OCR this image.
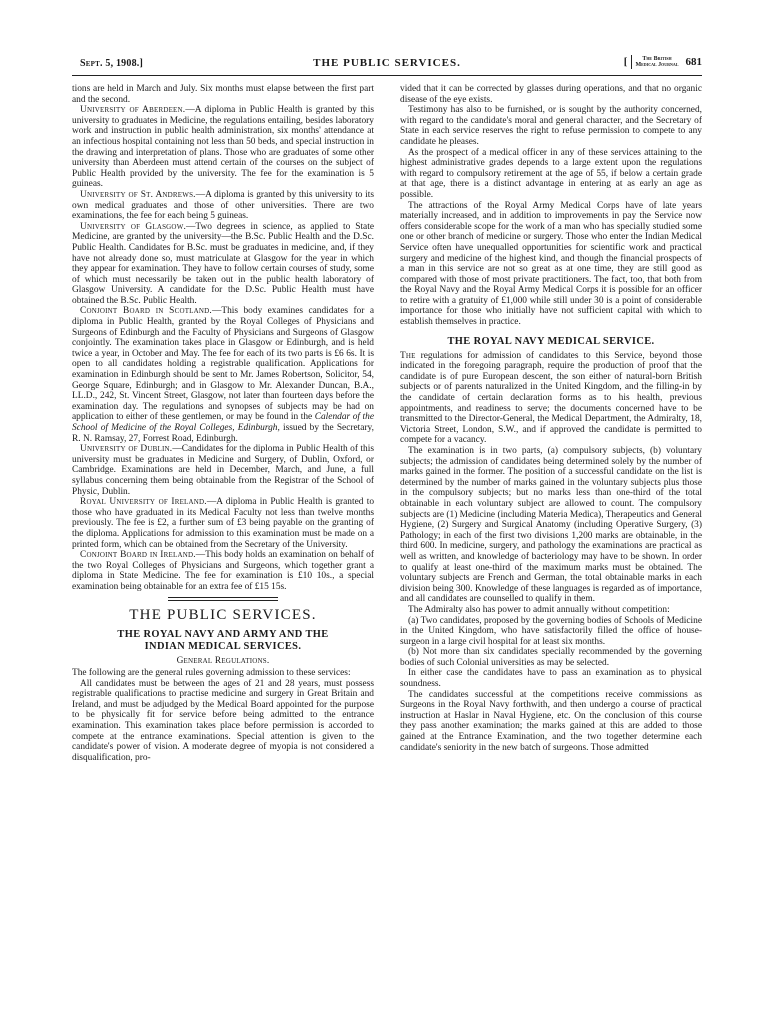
Sept. 5, 1908.]	THE PUBLIC SERVICES.	[	The British
Medical Journal 681

tions are held in March and July. Six months must elapse between the first part and the second.

University of Aberdeen.—A diploma in Public Health is granted by this university to graduates in Medicine, the regulations entailing, besides laboratory work and instruction in public health administration, six months' attendance at an infectious hospital containing not less than 50 beds, and special instruction in the drawing and interpretation of plans. Those who are graduates of some other university than Aberdeen must attend certain of the courses on the subject of Public Health provided by the university. The fee for the examination is 5 guineas.

University of St. Andrews.—A diploma is granted by this university to its own medical graduates and those of other universities. There are two examinations, the fee for each being 5 guineas.

University of Glasgow.—Two degrees in science, as applied to State Medicine, are granted by the university—the B.Sc. Public Health and the D.Sc. Public Health. Candidates for B.Sc. must be graduates in medicine, and, if they have not already done so, must matriculate at Glasgow for the year in which they appear for examination. They have to follow certain courses of study, some of which must necessarily be taken out in the public health laboratory of Glasgow University. A candidate for the D.Sc. Public Health must have obtained the B.Sc. Public Health.

Conjoint Board in Scotland.—This body examines candidates for a diploma in Public Health, granted by the Royal Colleges of Physicians and Surgeons of Edinburgh and the Faculty of Physicians and Surgeons of Glasgow conjointly. The examination takes place in Glasgow or Edinburgh, and is held twice a year, in October and May. The fee for each of its two parts is £6 6s. It is open to all candidates holding a registrable qualification. Applications for examination in Edinburgh should be sent to Mr. James Robertson, Solicitor, 54, George Square, Edinburgh; and in Glasgow to Mr. Alexander Duncan, B.A., LL.D., 242, St. Vincent Street, Glasgow, not later than fourteen days before the examination day. The regulations and synopses of subjects may be had on application to either of these gentlemen, or may be found in the Calendar of the School of Medicine of the Royal Colleges, Edinburgh, issued by the Secretary, R. N. Ramsay, 27, Forrest Road, Edinburgh.

University of Dublin.—Candidates for the diploma in Public Health of this university must be graduates in Medicine and Surgery, of Dublin, Oxford, or Cambridge. Examinations are held in December, March, and June, a full syllabus concerning them being obtainable from the Registrar of the School of Physic, Dublin.

Royal University of Ireland.—A diploma in Public Health is granted to those who have graduated in its Medical Faculty not less than twelve months previously. The fee is £2, a further sum of £3 being payable on the granting of the diploma. Applications for admission to this examination must be made on a printed form, which can be obtained from the Secretary of the University.

Conjoint Board in Ireland.—This body holds an examination on behalf of the two Royal Colleges of Physicians and Surgeons, which together grant a diploma in State Medicine. The fee for examination is £10 10s., a special examination being obtainable for an extra fee of £15 15s.

THE PUBLIC SERVICES.
THE ROYAL NAVY AND ARMY AND THE
INDIAN MEDICAL SERVICES.
General Regulations.

The following are the general rules governing admission to these services:

All candidates must be between the ages of 21 and 28 years, must possess registrable qualifications to practise medicine and surgery in Great Britain and Ireland, and must be adjudged by the Medical Board appointed for the purpose to be physically fit for service before being admitted to the entrance examination. This examination takes place before permission is accorded to compete at the entrance examinations. Special attention is given to the candidate's power of vision. A moderate degree of myopia is not considered a disqualification, pro-

vided that it can be corrected by glasses during operations, and that no organic disease of the eye exists.

Testimony has also to be furnished, or is sought by the authority concerned, with regard to the candidate's moral and general character, and the Secretary of State in each service reserves the right to refuse permission to compete to any candidate he pleases.

As the prospect of a medical officer in any of these services attaining to the highest administrative grades depends to a large extent upon the regulations with regard to compulsory retirement at the age of 55, if below a certain grade at that age, there is a distinct advantage in entering at as early an age as possible.

The attractions of the Royal Army Medical Corps have of late years materially increased, and in addition to improvements in pay the Service now offers considerable scope for the work of a man who has specially studied some one or other branch of medicine or surgery. Those who enter the Indian Medical Service often have unequalled opportunities for scientific work and practical surgery and medicine of the highest kind, and though the financial prospects of a man in this service are not so great as at one time, they are still good as compared with those of most private practitioners. The fact, too, that both from the Royal Navy and the Royal Army Medical Corps it is possible for an officer to retire with a gratuity of £1,000 while still under 30 is a point of considerable importance for those who initially have not sufficient capital with which to establish themselves in practice.

THE ROYAL NAVY MEDICAL SERVICE.

The regulations for admission of candidates to this Service, beyond those indicated in the foregoing paragraph, require the production of proof that the candidate is of pure European descent, the son either of natural-born British subjects or of parents naturalized in the United Kingdom, and the filling-in by the candidate of certain declaration forms as to his health, previous appointments, and readiness to serve; the documents concerned have to be transmitted to the Director-General, the Medical Department, the Admiralty, 18, Victoria Street, London, S.W., and if approved the candidate is permitted to compete for a vacancy.

The examination is in two parts, (a) compulsory subjects, (b) voluntary subjects; the admission of candidates being determined solely by the number of marks gained in the former. The position of a successful candidate on the list is determined by the number of marks gained in the voluntary subjects plus those in the compulsory subjects; but no marks less than one-third of the total obtainable in each voluntary subject are allowed to count. The compulsory subjects are (1) Medicine (including Materia Medica), Therapeutics and General Hygiene, (2) Surgery and Surgical Anatomy (including Operative Surgery, (3) Pathology; in each of the first two divisions 1,200 marks are obtainable, in the third 600. In medicine, surgery, and pathology the examinations are practical as well as written, and knowledge of bacteriology may have to be shown. In order to qualify at least one-third of the maximum marks must be obtained. The voluntary subjects are French and German, the total obtainable marks in each division being 300. Knowledge of these languages is regarded as of importance, and all candidates are counselled to qualify in them.

The Admiralty also has power to admit annually without competition:

(a) Two candidates, proposed by the governing bodies of Schools of Medicine in the United Kingdom, who have satisfactorily filled the office of house-surgeon in a large civil hospital for at least six months.

(b) Not more than six candidates specially recommended by the governing bodies of such Colonial universities as may be selected.

In either case the candidates have to pass an examination as to physical soundness.

The candidates successful at the competitions receive commissions as Surgeons in the Royal Navy forthwith, and then undergo a course of practical instruction at Haslar in Naval Hygiene, etc. On the conclusion of this course they pass another examination; the marks gained at this are added to those gained at the Entrance Examination, and the two together determine each candidate's seniority in the new batch of surgeons. Those admitted
